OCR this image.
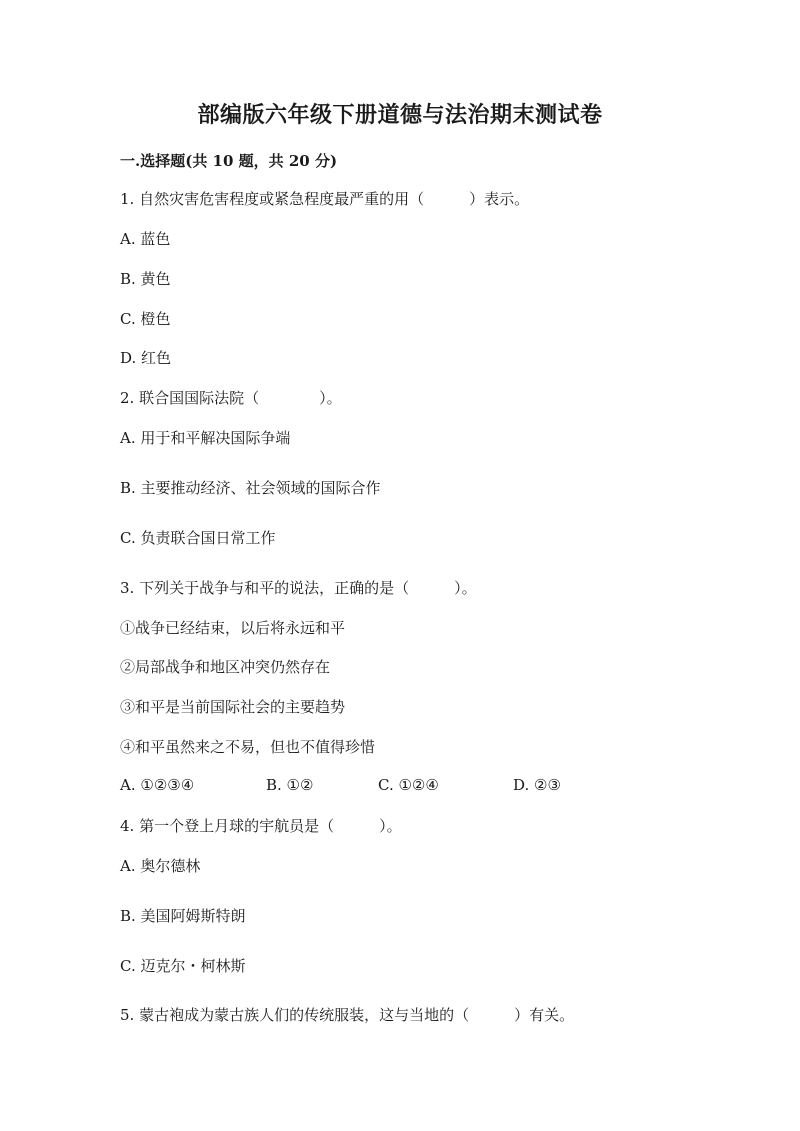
部编版六年级下册道德与法治期末测试卷
一.选择题(共 10 题，共 20 分)
1. 自然灾害危害程度或紧急程度最严重的用（　　　）表示。
A. 蓝色
B. 黄色
C. 橙色
D. 红色
2. 联合国国际法院（　　　　）。
A. 用于和平解决国际争端
B. 主要推动经济、社会领域的国际合作
C. 负责联合国日常工作
3. 下列关于战争与和平的说法，正确的是（　　　）。
①战争已经结束，以后将永远和平
②局部战争和地区冲突仍然存在
③和平是当前国际社会的主要趋势
④和平虽然来之不易，但也不值得珍惜
A. ①②③④	B. ①②	C. ①②④	D. ②③
4. 第一个登上月球的宇航员是（　　　）。
A. 奥尔德林
B. 美国阿姆斯特朗
C. 迈克尔・柯林斯
5. 蒙古袍成为蒙古族人们的传统服装，这与当地的（　　　）有关。
